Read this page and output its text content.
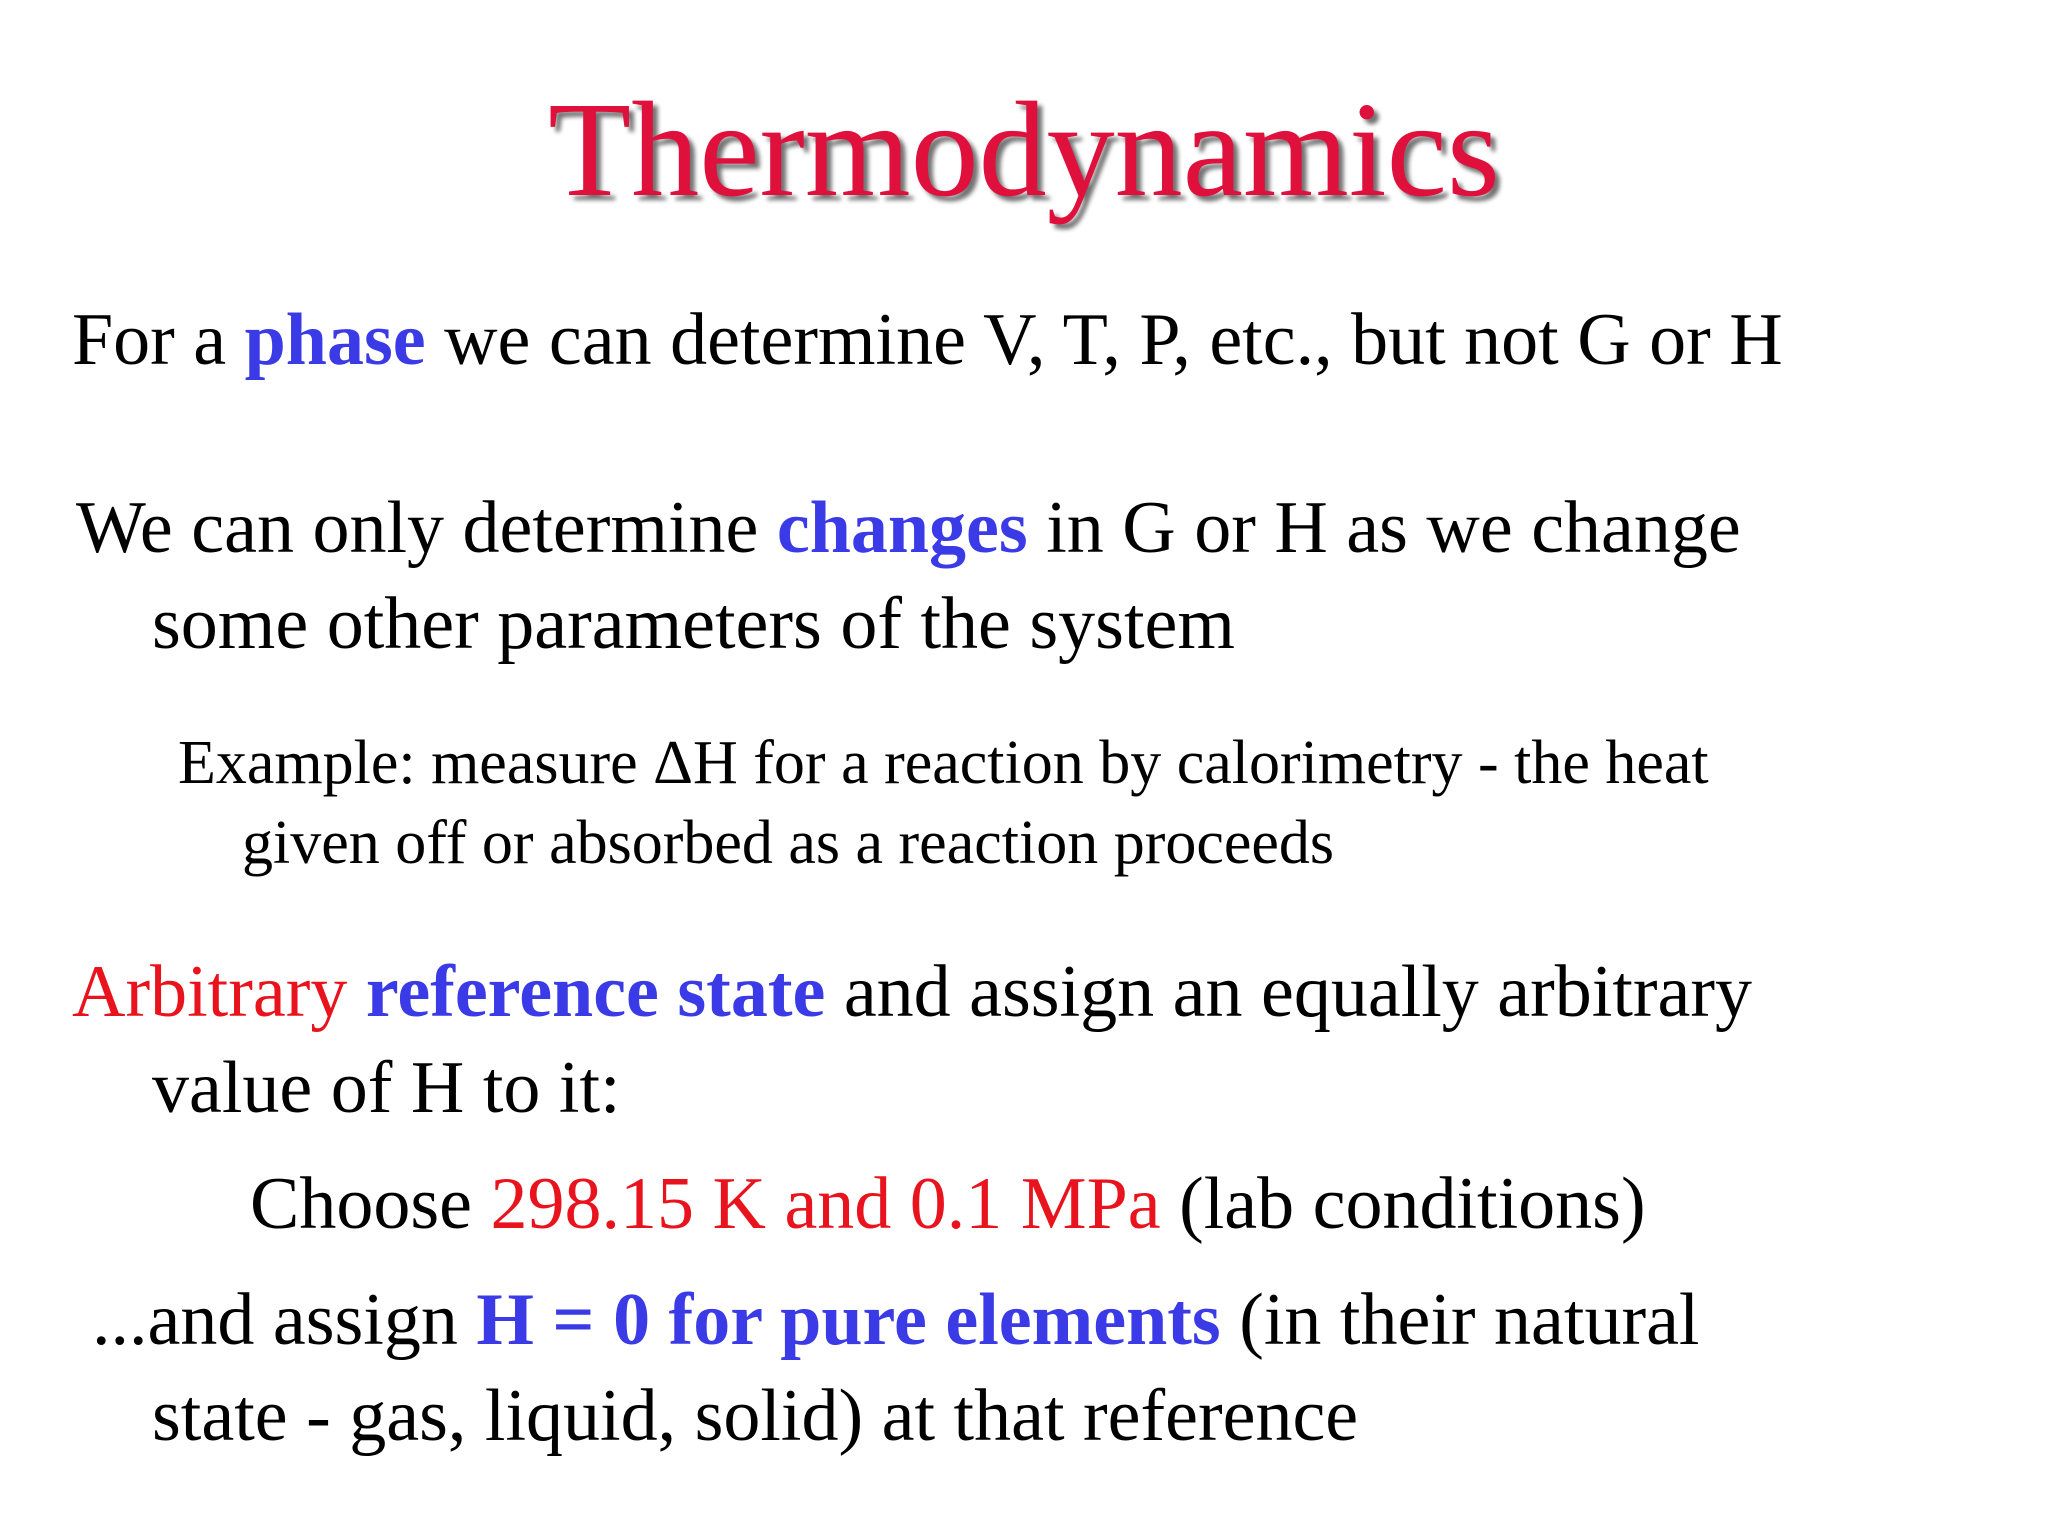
Thermodynamics
For a phase we can determine V, T, P, etc., but not G or H
We can only determine changes in G or H as we change
some other parameters of the system
Example: measure ΔH for a reaction by calorimetry - the heat
given off or absorbed as a reaction proceeds
Arbitrary reference state and assign an equally arbitrary
value of H to it:
Choose 298.15 K and 0.1 MPa (lab conditions)
...and assign H = 0 for pure elements (in their natural
state - gas, liquid, solid) at that reference
